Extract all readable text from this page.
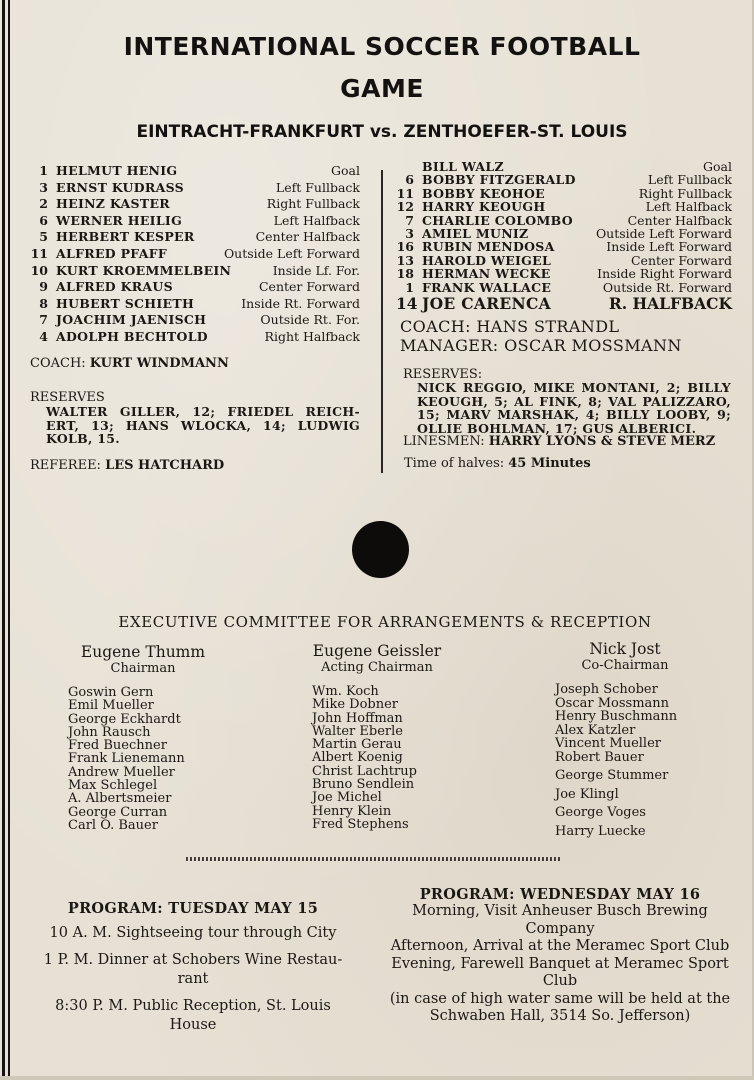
INTERNATIONAL SOCCER FOOTBALL
GAME
EINTRACHT-FRANKFURT vs. ZENTHOEFER-ST. LOUIS
1 HELMUT HENIG	Goal
3 ERNST KUDRASS	Left Fullback
2 HEINZ KASTER	Right Fullback
6 WERNER HEILIG	Left Halfback
5 HERBERT KESPER	Center Halfback
11 ALFRED PFAFF	Outside Left Forward
10 KURT KROEMMELBEIN	Inside Lf. For.
9 ALFRED KRAUS	Center Forward
8 HUBERT SCHIETH	Inside Rt. Forward
7 JOACHIM JAENISCH	Outside Rt. For.
4 ADOLPH BECHTOLD	Right Halfback
COACH: KURT WINDMANN
RESERVES
WALTER GILLER, 12; FRIEDEL REICH-ERT, 13; HANS WLOCKA, 14; LUDWIG KOLB, 15.
REFEREE: LES HATCHARD
BILL WALZ	Goal
6 BOBBY FITZGERALD	Left Fullback
11 BOBBY KEOHOE	Right Fullback
12 HARRY KEOUGH	Left Halfback
7 CHARLIE COLOMBO	Center Halfback
3 AMIEL MUNIZ	Outside Left Forward
16 RUBIN MENDOSA	Inside Left Forward
13 HAROLD WEIGEL	Center Forward
18 HERMAN WECKE	Inside Right Forward
1 FRANK WALLACE	Outside Rt. Forward
14 JOE CARENCA	R. HALFBACK
COACH: HANS STRANDL
MANAGER: OSCAR MOSSMANN
RESERVES:
NICK REGGIO, MIKE MONTANI, 2; BILLY KEOUGH, 5; AL FINK, 8; VAL PALIZZARO, 15; MARV MARSHAK, 4; BILLY LOOBY, 9; OLLIE BOHLMAN, 17; GUS ALBERICI.
LINESMEN: HARRY LYONS & STEVE MERZ
Time of halves: 45 Minutes
EXECUTIVE COMMITTEE FOR ARRANGEMENTS & RECEPTION
Eugene Thumm
Chairman
Goswin Gern
Emil Mueller
George Eckhardt
John Rausch
Fred Buechner
Frank Lienemann
Andrew Mueller
Max Schlegel
A. Albertsmeier
George Curran
Carl O. Bauer
Eugene Geissler
Acting Chairman
Wm. Koch
Mike Dobner
John Hoffman
Walter Eberle
Martin Gerau
Albert Koenig
Christ Lachtrup
Bruno Sendlein
Joe Michel
Henry Klein
Fred Stephens
Nick Jost
Co-Chairman
Joseph Schober
Oscar Mossmann
Henry Buschmann
Alex Katzler
Vincent Mueller
Robert Bauer
George Stummer
Joe Klingl
George Voges
Harry Luecke
PROGRAM: TUESDAY MAY 15
10 A. M. Sightseeing tour through City
1 P. M. Dinner at Schobers Wine Restau-rant
8:30 P. M. Public Reception, St. Louis House
PROGRAM: WEDNESDAY MAY 16
Morning, Visit Anheuser Busch Brewing Company
Afternoon, Arrival at the Meramec Sport Club
Evening, Farewell Banquet at Meramec Sport Club
(in case of high water same will be held at the Schwaben Hall, 3514 So. Jefferson)
